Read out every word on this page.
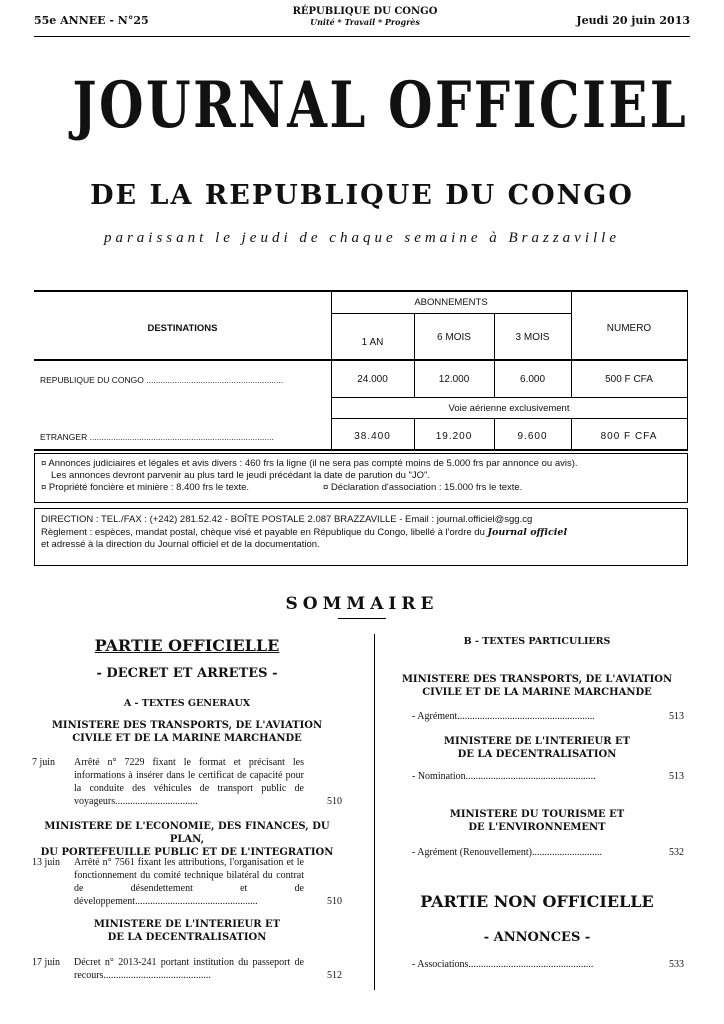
55e ANNEE - N°25
RÉPUBLIQUE DU CONGO
Unité * Travail * Progrès	Jeudi 20 juin 2013
JOURNAL OFFICIEL
DE LA REPUBLIQUE DU CONGO
paraissant le jeudi de chaque semaine à Brazzaville
DESTINATIONS
ABONNEMENTS
1 AN	6 MOIS	3 MOIS
NUMERO
REPUBLIQUE DU CONGO ..........................................................	24.000	12.000	6.000	500 F CFA
Voie aérienne exclusivement
ETRANGER ..............................................................................	38.400	19.200	9.600	800 F CFA
¤ Annonces judiciaires et légales et avis divers : 460 frs la ligne (il ne sera pas compté moins de 5.000 frs par annonce ou avis).
Les annonces devront parvenir au plus tard le jeudi précédant la date de parution du "JO".
¤ Propriété foncière et minière : 8.400 frs le texte.	¤ Déclaration d'association : 15.000 frs le texte.
DIRECTION : TEL./FAX : (+242) 281.52.42 - BOÎTE POSTALE 2.087 BRAZZAVILLE - Email : journal.officiel@sgg.cg
Règlement : espèces, mandat postal, chèque visé et payable en République du Congo, libellé à l'ordre du Journal officiel
et adressé à la direction du Journal officiel et de la documentation.
SOMMAIRE
PARTIE OFFICIELLE
- DECRET ET ARRETES -
A - TEXTES GENERAUX
MINISTERE DES TRANSPORTS, DE L'AVIATION
CIVILE ET DE LA MARINE MARCHANDE
7 juin Arrêté n° 7229 fixant le format et précisant les informations à insérer dans le certificat de capacité pour la conduite des véhicules de transport public de voyageurs.................................	510
MINISTERE DE L'ECONOMIE, DES FINANCES, DU PLAN,
DU PORTEFEUILLE PUBLIC ET DE L'INTEGRATION
13 juin Arrêté n° 7561 fixant les attributions, l'organisation et le fonctionnement du comité technique bilatéral du contrat de désendettement et de développement.................................................	510
MINISTERE DE L'INTERIEUR ET
DE LA DECENTRALISATION
17 juin Décret n° 2013-241 portant institution du passeport de recours...........................................	512
B - TEXTES PARTICULIERS
MINISTERE DES TRANSPORTS, DE L'AVIATION
CIVILE ET DE LA MARINE MARCHANDE
- Agrément.......................................................	513
MINISTERE DE L'INTERIEUR ET
DE LA DECENTRALISATION
- Nomination....................................................	513
MINISTERE DU TOURISME ET
DE L'ENVIRONNEMENT
- Agrément (Renouvellement)............................	532
PARTIE NON OFFICIELLE
- ANNONCES -
- Associations..................................................	533
